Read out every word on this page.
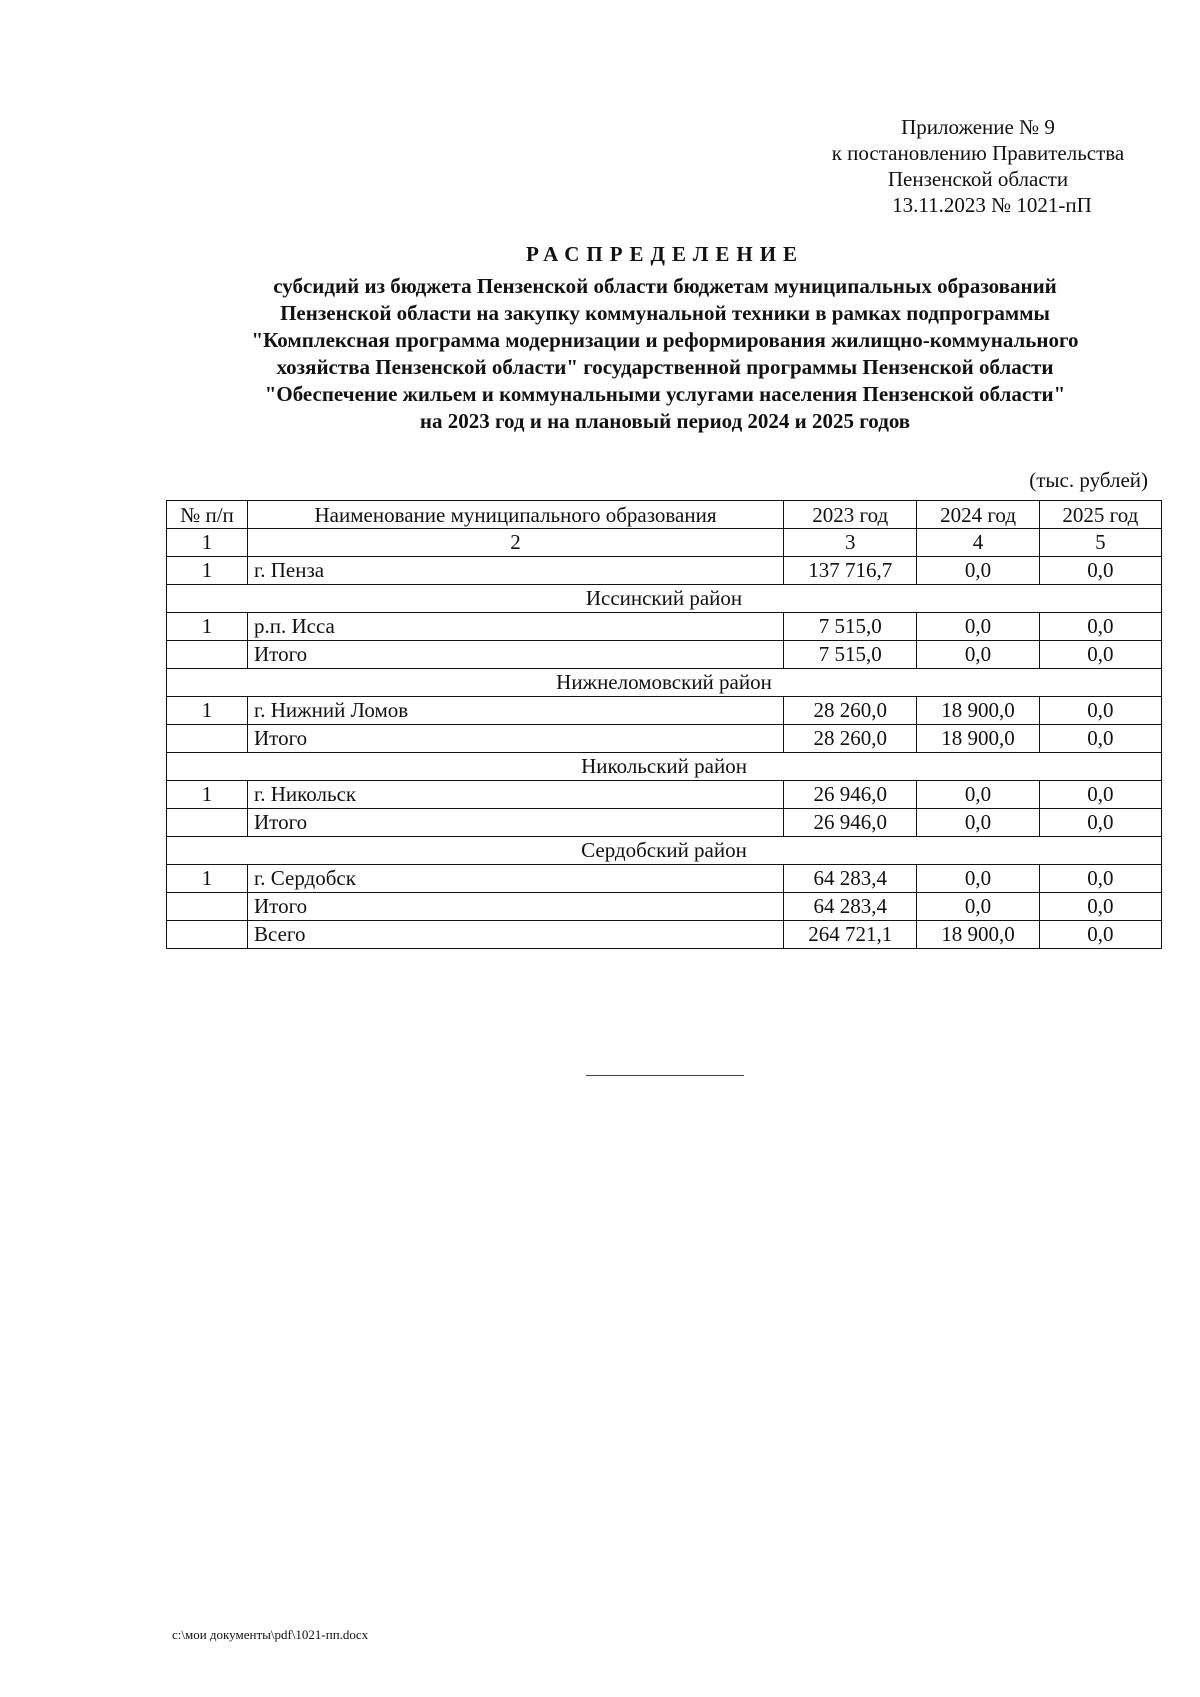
Приложение № 9
к постановлению Правительства
Пензенской области
13.11.2023 № 1021-пП
РАСПРЕДЕЛЕНИЕ
субсидий из бюджета Пензенской области бюджетам муниципальных образований
Пензенской области на закупку коммунальной техники в рамках подпрограммы
"Комплексная программа модернизации и реформирования жилищно-коммунального
хозяйства Пензенской области" государственной программы Пензенской области
"Обеспечение жильем и коммунальными услугами населения Пензенской области"
на 2023 год и на плановый период 2024 и 2025 годов
(тыс. рублей)
№ п/п	Наименование муниципального образования	2023 год	2024 год	2025 год
1	2	3	4	5
1	г. Пенза	137 716,7	0,0	0,0
Иссинский район				
1	р.п. Исса	7 515,0	0,0	0,0
	Итого	7 515,0	0,0	0,0
Нижнеломовский район				
1	г. Нижний Ломов	28 260,0	18 900,0	0,0
	Итого	28 260,0	18 900,0	0,0
Никольский район				
1	г. Никольск	26 946,0	0,0	0,0
	Итого	26 946,0	0,0	0,0
Сердобский район				
1	г. Сердобск	64 283,4	0,0	0,0
	Итого	64 283,4	0,0	0,0
	Всего	264 721,1	18 900,0	0,0
c:\мои документы\pdf\1021-пп.docx
